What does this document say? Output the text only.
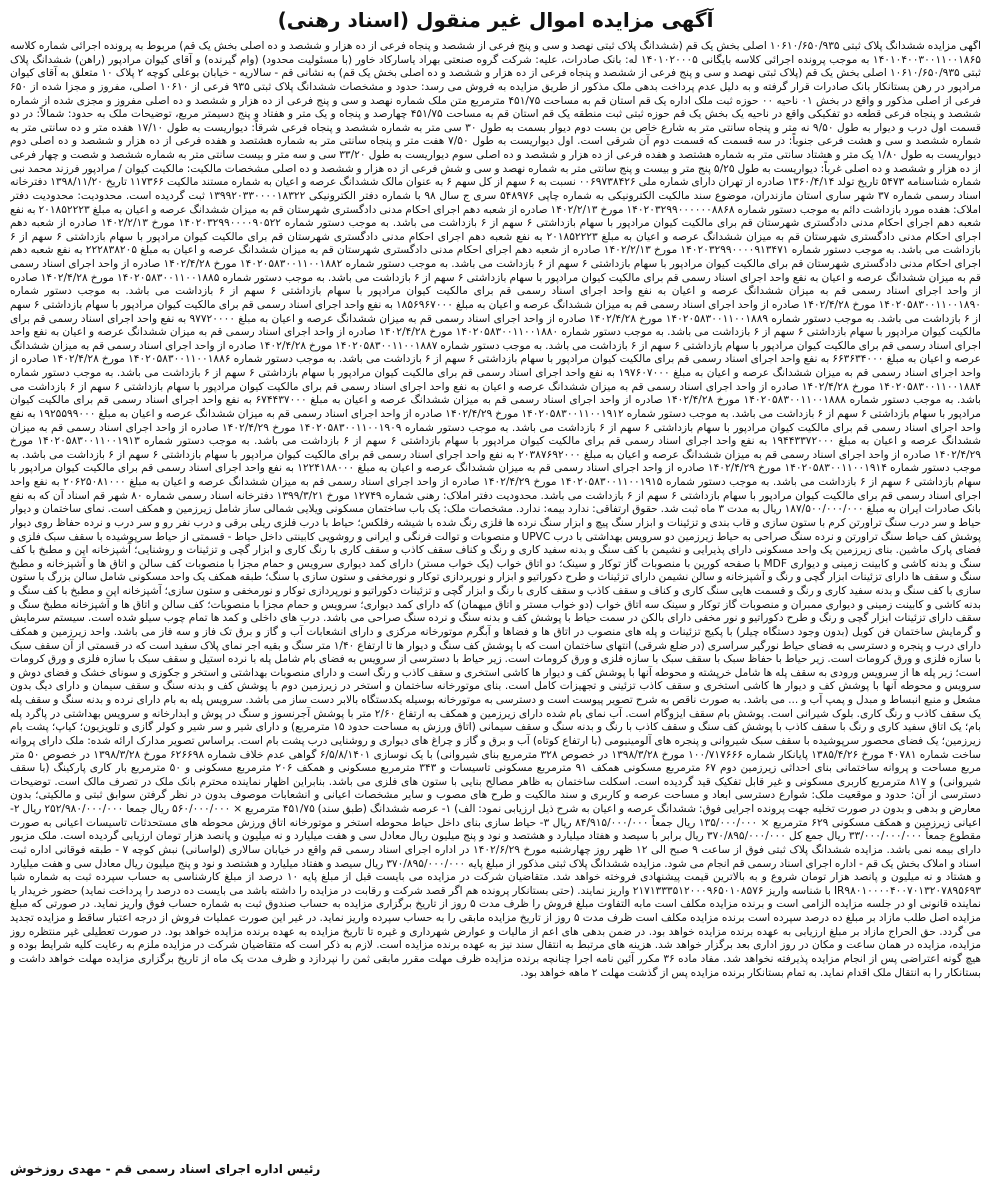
آگهی مزایده اموال غیر منقول (اسناد رهنی)
آگهی مزایده ششدانگ پلاک ثبتی ۱۰۶۱۰/۶۵۰/۹۳۵ اصلی بخش یک قم (ششدانگ پلاک ثبتی نهصد و سی و پنج فرعی از ششصد و پنجاه فرعی از ده هزار و ششصد و ده اصلی بخش یک قم) مربوط به پرونده اجرائی شماره کلاسه ۱۴۰۱۰۴۰۰۳۰۰۱۱۰۰۱۸۶۵ به موجب پرونده اجرائی کلاسه بایگانی ۱۴۰۱۰۲۰۰۰۵ له: بانک صادرات، علیه: شرکت گروه صنعتی بهراد یاسارکاد خاور (با مسئولیت محدود) (وام گیرنده) و آقای کیوان مرادپور (راهن) ششدانگ پلاک ثبتی ۱۰۶۱۰/۶۵۰/۹۳۵ اصلی بخش یک قم (پلاک ثبتی نهصد و سی و پنج فرعی از ششصد و پنجاه فرعی از ده هزار و ششصد و ده اصلی بخش یک قم) به نشانی قم - سالاریه - خیابان بوعلی کوچه ۲ پلاک ۱۰ متعلق به آقای کیوان مرادپور در رهن بستانکار بانک صادرات قرار گرفته و به دلیل عدم پرداخت بدهی ملک مذکور از طریق مزایده به فروش می رسد: حدود و مشخصات ششدانگ پلاک ثبتی ۹۳۵ فرعی از ۱۰۶۱۰ اصلی، مفروز و مجزا شده از ۶۵۰ فرعی از اصلی مذکور و واقع در بخش ۰۱ ناحیه ۰۰ حوزه ثبت ملک اداره یک قم استان قم به مساحت ۴۵۱/۷۵ مترمربع متن ملک شماره نهصد و سی و پنج فرعی از ده هزار و ششصد و ده اصلی مفروز و مجزی شده از شماره ششصد و پنجاه فرعی قطعه دو تفکیکی واقع در ناحیه یک بخش یک قم حوزه ثبتی ثبت منطقه یک قم استان قم به مساحت ۴۵۱/۷۵ چهارصد و پنجاه و یک متر و هفتاد و پنج دسیمتر مربع، توضیحات ملک به حدود: شمالاً: در دو قسمت اول درب و دیوار به طول ۹/۵۰ نه متر و پنجاه سانتی متر به شارع خاص بن بست دوم دیوار بسمت به طول ۳۰ سی متر به شماره ششصد و پنجاه فرعی شرقاً: دیواریست به طول ۱۷/۱۰ هفده متر و ده سانتی متر به شماره ششصد و سی و هشت فرعی جنوباً: در سه قسمت که قسمت دوم آن شرقی است. اول دیواریست به طول ۷/۵۰ هفت متر و پنجاه سانتی متر به شماره هشتصد و هفده فرعی از ده هزار و ششصد و ده اصلی دوم دیواریست به طول ۱/۸۰ یک متر و هشتاد سانتی متر به شماره هشتصد و هفده فرعی از ده هزار و ششصد و ده اصلی سوم دیواریست به طول ۳۳/۲۰ سی و سه متر و بیست سانتی متر به شماره ششصد و شصت و چهار فرعی از ده هزار و ششصد و ده اصلی غرباً: دیواریست به طول ۵/۲۵ پنج متر و بیست و پنج سانتی متر به شماره نهصد و سی و شش فرعی از ده هزار و ششصد و ده اصلی مشخصات مالکیت: مالکیت کیوان / مرادپور فرزند محمد نبی شماره شناسنامه ۵۴۷۳ تاریخ تولد ۱۳۶۰/۴/۱۴ صادره از تهران دارای شماره ملی ۰۰۶۹۷۳۸۴۲۶ نسبت به ۶ سهم از کل سهم ۶ به عنوان مالک ششدانگ عرصه و اعیان به شماره مستند مالکیت ۱۱۷۳۶۶ تاریخ ۱۳۹۸/۱۱/۲۰ دفترخانه اسناد رسمی شماره ۳۷ شهر ساری استان مازندران، موضوع سند مالکیت الکترونیکی به شماره چاپی ۵۴۸۹۷۶ سری ج سال ۹۸ با شماره دفتر الکترونیکی ۱۳۹۹۲۰۳۳۰۰۰۰۱۸۳۲۲ ثبت گردیده است. محدودیت: محدودیت دفتر املاک: هفده مورد بازداشت دائم به موجب دستور شماره ۱۴۰۲۰۳۲۹۹۰۰۰۰۰۰۸۸۶۸ مورخ ۱۴۰۲/۲/۱۳ صادره از شعبه دهم اجرای احکام مدنی دادگستری شهرستان قم به میزان ششدانگ عرصه و اعیان به مبلغ ۲۰۱۸۵۲۲۲۳ به نفع شعبه دهم اجرای احکام مدنی دادگستری شهرستان قم برای مالکیت کیوان مرادپور با سهام بازداشتی ۶ سهم از ۶ بازداشت می باشد. به موجب دستور شماره ۱۴۰۲۰۳۲۹۹۰۰۰۰۹۰۵۲۲ مورخ ۱۴۰۲/۲/۱۳ صادره از شعبه دهم اجرای احکام مدنی دادگستری شهرستان قم به میزان ششدانگ عرصه و اعیان به مبلغ ۲۰۱۸۵۲۲۲۳ به نفع شعبه دهم اجرای احکام مدنی دادگستری شهرستان قم برای مالکیت کیوان مرادپور با سهام بازداشتی ۶ سهم از ۶ بازداشت می باشد. به موجب دستور شماره ۱۴۰۲۰۳۲۹۹۰۰۰۰۹۱۳۴۷۱ مورخ ۱۴۰۲/۲/۱۳ صادره از شعبه دهم اجرای احکام مدنی دادگستری شهرستان قم به میزان ششدانگ عرصه و اعیان به مبلغ ۲۲۲۸۳۸۲۰۵ به نفع شعبه دهم اجرای احکام مدنی دادگستری شهرستان قم برای مالکیت کیوان مرادپور با سهام بازداشتی ۶ سهم از ۶ بازداشت می باشد. به موجب دستور شماره ۱۴۰۲۰۵۸۳۰۰۱۱۰۰۱۸۸۲ مورخ ۱۴۰۲/۴/۲۸ صادره از واحد اجرای اسناد رسمی قم به میزان ششدانگ عرصه و اعیان به نفع واحد اجرای اسناد رسمی قم برای مالکیت کیوان مرادپور با سهام بازداشتی ۶ سهم از ۶ بازداشت می باشد. به موجب دستور شماره ۱۴۰۲۰۵۸۳۰۰۱۱۰۰۱۸۸۵ مورخ ۱۴۰۲/۴/۲۸ صادره از واحد اجرای اسناد رسمی قم به میزان ششدانگ عرصه و اعیان به نفع واحد اجرای اسناد رسمی قم برای مالکیت کیوان مرادپور با سهام بازداشتی ۶ سهم از ۶ بازداشت می باشد. به موجب دستور شماره ۱۴۰۲۰۵۸۳۰۰۱۱۰۰۱۸۹۰ مورخ ۱۴۰۲/۴/۲۸ صادره از واحد اجرای اسناد رسمی قم به میزان ششدانگ عرصه و اعیان به مبلغ ۱۸۵۶۹۶۷۰۰۰ به نفع واحد اجرای اسناد رسمی قم برای مالکیت کیوان مرادپور با سهام بازداشتی ۶ سهم از ۶ بازداشت می باشد. به موجب دستور شماره ۱۴۰۲۰۵۸۳۰۰۱۱۰۰۱۸۸۹ مورخ ۱۴۰۲/۴/۲۸ صادره از واحد اجرای اسناد رسمی قم به میزان ششدانگ عرصه و اعیان به مبلغ ۹۷۷۲۰۰۰۰ به نفع واحد اجرای اسناد رسمی قم برای مالکیت کیوان مرادپور با سهام بازداشتی ۶ سهم از ۶ بازداشت می باشد. به موجب دستور شماره ۱۴۰۲۰۵۸۳۰۰۱۱۰۰۱۸۸۰ مورخ ۱۴۰۲/۴/۲۸ صادره از واحد اجرای اسناد رسمی قم به میزان ششدانگ عرصه و اعیان به نفع واحد اجرای اسناد رسمی قم برای مالکیت کیوان مرادپور با سهام بازداشتی ۶ سهم از ۶ بازداشت می باشد. به موجب دستور شماره ۱۴۰۲۰۵۸۳۰۰۱۱۰۰۱۸۸۷ مورخ ۱۴۰۲/۴/۲۸ صادره از واحد اجرای اسناد رسمی قم به میزان ششدانگ عرصه و اعیان به مبلغ ۶۶۳۶۳۴۰۰۰ به نفع واحد اجرای اسناد رسمی قم برای مالکیت کیوان مرادپور با سهام بازداشتی ۶ سهم از ۶ بازداشت می باشد. به موجب دستور شماره ۱۴۰۲۰۵۸۳۰۰۱۱۰۰۱۸۸۶ مورخ ۱۴۰۲/۴/۲۸ صادره از واحد اجرای اسناد رسمی قم به میزان ششدانگ عرصه و اعیان به مبلغ ۱۹۷۶۰۷۰۰۰ به نفع واحد اجرای اسناد رسمی قم برای مالکیت کیوان مرادپور با سهام بازداشتی ۶ سهم از ۶ بازداشت می باشد. به موجب دستور شماره ۱۴۰۲۰۵۸۳۰۰۱۱۰۰۱۸۸۴ مورخ ۱۴۰۲/۴/۲۸ صادره از واحد اجرای اسناد رسمی قم به میزان ششدانگ عرصه و اعیان به نفع واحد اجرای اسناد رسمی قم برای مالکیت کیوان مرادپور با سهام بازداشتی ۶ سهم از ۶ بازداشت می باشد. به موجب دستور شماره ۱۴۰۲۰۵۸۳۰۰۱۱۰۰۱۸۸۸ مورخ ۱۴۰۲/۴/۲۸ صادره از واحد اجرای اسناد رسمی قم به میزان ششدانگ عرصه و اعیان به مبلغ ۶۷۴۴۳۷۰۰۰ به نفع واحد اجرای اسناد رسمی قم برای مالکیت کیوان مرادپور با سهام بازداشتی ۶ سهم از ۶ بازداشت می باشد. به موجب دستور شماره ۱۴۰۲۰۵۸۳۰۰۱۱۰۰۱۹۱۲ مورخ ۱۴۰۲/۴/۲۹ صادره از واحد اجرای اسناد رسمی قم به میزان ششدانگ عرصه و اعیان به مبلغ ۱۹۲۵۵۹۹۰۰۰ به نفع واحد اجرای اسناد رسمی قم برای مالکیت کیوان مرادپور با سهام بازداشتی ۶ سهم از ۶ بازداشت می باشد. به موجب دستور شماره ۱۴۰۲۰۵۸۳۰۰۱۱۰۰۱۹۰۹ مورخ ۱۴۰۲/۴/۲۹ صادره از واحد اجرای اسناد رسمی قم به میزان ششدانگ عرصه و اعیان به مبلغ ۱۹۴۴۳۳۷۲۰۰۰ به نفع واحد اجرای اسناد رسمی قم برای مالکیت کیوان مرادپور با سهام بازداشتی ۶ سهم از ۶ بازداشت می باشد. به موجب دستور شماره ۱۴۰۲۰۵۸۳۰۰۱۱۰۰۱۹۱۳ مورخ ۱۴۰۲/۴/۲۹ صادره از واحد اجرای اسناد رسمی قم به میزان ششدانگ عرصه و اعیان به مبلغ ۲۰۳۸۷۶۹۲۰۰۰ به نفع واحد اجرای اسناد رسمی قم برای مالکیت کیوان مرادپور با سهام بازداشتی ۶ سهم از ۶ بازداشت می باشد. به موجب دستور شماره ۱۴۰۲۰۵۸۳۰۰۱۱۰۰۱۹۱۴ مورخ ۱۴۰۲/۴/۲۹ صادره از واحد اجرای اسناد رسمی قم به میزان ششدانگ عرصه و اعیان به مبلغ ۱۲۲۴۱۸۸۰۰۰ به نفع واحد اجرای اسناد رسمی قم برای مالکیت کیوان مرادپور با سهام بازداشتی ۶ سهم از ۶ بازداشت می باشد. به موجب دستور شماره ۱۴۰۲۰۵۸۳۰۰۱۱۰۰۱۹۱۵ مورخ ۱۴۰۲/۴/۲۹ صادره از واحد اجرای اسناد رسمی قم به میزان ششدانگ عرصه و اعیان به مبلغ ۲۰۶۲۵۰۸۱۰۰۰ به نفع واحد اجرای اسناد رسمی قم برای مالکیت کیوان مرادپور با سهام بازداشتی ۶ سهم از ۶ بازداشت می باشد. محدودیت دفتر املاک: رهنی شماره ۱۲۷۴۹ مورخ ۱۳۹۹/۳/۲۱ دفترخانه اسناد رسمی شماره ۸۰ شهر قم اسناد آن که به نفع بانک صادرات ایران به مبلغ ۱۸۷/۵۰۰/۰۰۰/۰۰۰ ریال به مدت ۳ ماه ثبت شد. حقوق ارتفاقی: ندارد بیمه: ندارد. مشخصات ملک: یک باب ساختمان مسکونی ویلایی شمالی ساز شامل زیرزمین و همکف است. نمای ساختمان و دیوار حیاط و سر درب سنگ تراورتن کرم با ستون سازی و قاب بندی و تزئینات و ابزار سنگ پیچ و ابزار سنگ نرده ها فلزی رنگ شده با شیشه رفلکس؛ حیاط با درب فلزی ریلی برقی و درب نفر رو و سر درب و نرده حفاظ روی دیوار پوشش کف حیاط سنگ تراورتن و نرده سنگ صراحی به حیاط زیرزمین دو سرویس بهداشتی با درب UPVC و منصوبات و توالت فرنگی و ایرانی و روشویی کابینتی داخل حیاط - قسمتی از حیاط سرپوشیده با سقف سبک فلزی و فضای پارک ماشین. بنای زیرزمین یک واحد مسکونی دارای پذیرایی و نشیمن با کف سنگ و بدنه سفید کاری و رنگ و کناف سقف کاذب و سقف کاری با رنگ کاری و ابزار گچی و تزئینات و روشنایی؛ آشپزخانه اپن و مطبخ با کف سنگ و بدنه کاشی و کابینت زمینی و دیواری MDF با صفحه کورین با منصوبات گاز توکار و سینک؛ دو اتاق خواب (یک خواب مستر) دارای کمد دیواری سرویس و حمام مجزا با منصوبات کف سالن و اتاق ها و آشپزخانه و مطبخ سنگ و سقف ها دارای تزئینات ابزار گچی و رنگ و آشپزخانه و سالن نشیمن دارای تزئینات و طرح دکوراتیو و ابزار و نورپردازی توکار و نورمخفی و ستون سازی با سنگ؛ طبقه همکف یک واحد مسکونی شامل سالن بزرگ با ستون سازی با کف سنگ و بدنه سفید کاری و رنگ و قسمت هایی سنگ کاری و کناف و سقف کاذب و سقف کاری با رنگ و ابزار گچی و تزئینات دکوراتیو و نورپردازی توکار و نورمخفی و ستون سازی؛ آشپزخانه اپن و مطبخ با کف سنگ و بدنه کاشی و کابینت زمینی و دیواری ممبران و منصوبات گاز توکار و سینک سه اتاق خواب (دو خواب مستر و اتاق میهمان) که دارای کمد دیواری؛ سرویس و حمام مجزا با منصوبات؛ کف سالن و اتاق ها و آشپزخانه مطبخ سنگ و سقف دارای تزئینات ابزار گچی و رنگ و طرح دکوراتیو و نور مخفی دارای بالکن در سمت حیاط با پوشش کف و بدنه سنگ و نرده سنگ صراحی می باشد. درب های داخلی و کمد ها تمام چوب سیلو شده است. سیستم سرمایش و گرمایش ساختمان فن کویل (بدون وجود دستگاه چیلر) با پکیج تزئینات و پله های منصوب در اتاق ها و فضاها و آبگرم موتورخانه مرکزی و دارای انشعابات آب و گاز و برق تک فاز و سه فاز می باشد. واحد زیرزمین و همکف دارای درب و پنجره و دسترسی به فضای حیاط نورگیر سراسری (در ضلع شرقی) انتهای ساختمان است که با پوشش کف سنگ و دیوار ها تا ارتفاع ۱/۴۰ متر سنگ و بقیه اجر نمای پلاک سفید است که در قسمتی از آن سقف سبک با سازه فلزی و ورق کرومات است. زیر حیاط با حفاظ سبک با سقف سبک با سازه فلزی و ورق کرومات است. زیر حیاط با دسترسی از سرویس به فضای بام شامل پله با نرده استیل و سقف سبک با سازه فلزی و ورق کرومات است؛ زیر پله ها از سرویس ورودی به سقف پله ها شامل خرپشته و محوطه آنها با پوشش کف و دیوار ها کاشی استخری و سقف کاذب و رنگ است و دارای منصوبات بهداشتی و استخر و جکوزی و سونای خشک و فضای دوش و سرویس و محوطه آنها با پوشش کف و دیوار ها کاشی استخری و سقف کاذب تزئینی و تجهیزات کامل است. بنای موتورخانه ساختمان و استخر در زیرزمین دوم با پوشش کف و بدنه سنگ و سقف سیمان و دارای دیگ بدون مشعل و منبع انبساط و مبدل و پمپ آب و ... می باشد. به صورت ناقص به شرح تصویر پیوست است و دسترسی به موتورخانه بوسیله یکدستگاه بالابر دست ساز می باشد. سرویس پله به بام دارای نرده و بدنه سنگ و سقف پله یک سقف کاذب و رنگ کاری. بلوک شیرانی است. پوشش بام سقف ایزوگام است. آب نمای بام شده دارای زیرزمین و همکف به ارتفاع ۲/۶۰ متر با پوشش آجرنسوز و سنگ در پوش و ابدارخانه و سرویس بهداشتی در پاگرد پله بام؛ یک اتاق سفید کاری و رنگ با سقف کاذب با پوشش کف سنگ و سقف کاذب با رنگ و بدنه سنگ و سقف سیمانی (اتاق ورزش به مساحت حدود ۱۵ مترمربع) و دارای شیر و سر شیر و کولر گازی و تلویزیون؛ کیاپ؛ پشت بام زیرزمین؛ یک فضای محصور سرپوشیده با سقف سبک شیروانی و پنجره های آلومینیومی (با ارتفاع کوتاه) آب و برق و گاز و چراغ های دیواری و روشنایی درب پشت بام است. براساس تصویر مدارک ارائه شده: ملک دارای پروانه ساخت شماره ۴۰۷۸۱ مورخ ۱۳۸۵/۴/۲۶ پایانکار شماره ۱۰۰/۷۱۷۶۶۶ مورخ ۱۳۹۸/۳/۲۸ در خصوص ۳۲۸ مترمربع بنای شیروانی) با یک نوسازی ۶/۵/۸/۱۴۰۱ گواهی عدم خلاف شماره ۶۲۶۶۹۸ مورخ ۱۳۹۸/۳/۲۸ در خصوص ۵۰ متر مربع مساحت و پروانه ساختمانی بنای احداثی زیرزمین دوم ۶۷ مترمربع مسکونی همکف ۹۱ مترمربع مسکونی تاسیسات و ۳۴۳ مترمربع مسکونی و همکف ۲۰۶ مترمربع مسکونی و ۵۰ مترمربع بار کاری پارکینگ (با سقف شیروانی) و ۸۱۷ مترمربع کاربری مسکونی و غیر قابل تفکیک قید گردیده است. اسکلت ساختمان به ظاهر مصالح بنایی با ستون های فلزی می باشد. بنابراین اظهار نماینده محترم بانک ملک در تصرف مالک است. توضیحات دسترسی از آن: حدود و موقعیت ملک: شوارع دسترسی ابعاد و مساحت عرصه و کاربری و سند مالکیت و طرح های مصوب و سایر مشخصات اعیانی و انشعابات موصوف بدون در نظر گرفتن سوابق ثبتی و مالکیتی؛ بدون معارض و بدهی و بدون در صورت تخلیه جهت پرونده اجرایی فوق: ششدانگ عرصه و اعیان به شرح ذیل ارزیابی نمود: الف) ۱- عرصه ششدانگ (طبق سند) ۴۵۱/۷۵ مترمربع × ۵۶۰/۰۰۰/۰۰۰ ریال جمعا ۲۵۲/۹۸۰/۰۰۰/۰۰۰ ریال ۲- اعیانی زیرزمین و همکف مسکونی ۶۲۹ مترمربع × ۱۳۵/۰۰۰/۰۰۰ ریال جمعاً ۸۴/۹۱۵/۰۰۰/۰۰۰ ریال ۳- حیاط سازی بنای داخل حیاط محوطه استخر و موتورخانه اتاق ورزش محوطه های مستحدثات تاسیسات اعیانی به صورت مقطوع جمعاً ۳۳/۰۰۰/۰۰۰/۰۰۰ ریال جمع کل ۳۷۰/۸۹۵/۰۰۰/۰۰۰ ریال برابر با سیصد و هفتاد میلیارد و هشتصد و نود و پنج میلیون ریال معادل سی و هفت میلیارد و نه میلیون و پانصد هزار تومان ارزیابی گردیده است. ملک مزبور دارای بیمه نمی باشد. مزایده ششدانگ پلاک ثبتی فوق از ساعت ۹ صبح الی ۱۲ ظهر روز چهارشنبه مورخ ۱۴۰۲/۶/۲۹ در اداره اجرای اسناد رسمی قم واقع در خیابان سالاری (لواسانی) نبش کوچه ۷ - طبقه فوقانی اداره ثبت اسناد و املاک بخش یک قم - اداره اجرای اسناد رسمی قم انجام می شود. مزایده ششدانگ پلاک ثبتی مذکور از مبلغ پایه ۳۷۰/۸۹۵/۰۰۰/۰۰۰ ریال سیصد و هفتاد میلیارد و هشتصد و نود و پنج میلیون ریال معادل سی و هفت میلیارد و هشتاد و نه میلیون و پانصد هزار تومان شروع و به بالاترین قیمت پیشنهادی فروخته خواهد شد. متقاضیان شرکت در مزایده می بایست قبل از مبلغ پایه ۱۰ درصد از مبلغ کارشناسی به حساب سپرده ثبت به شماره شبا IR۹۸۰۱۰۰۰۰۴۰۰۷۰۱۳۲۰۷۸۹۵۶۹۳ با شناسه واریز ۲۱۷۱۳۳۳۵۱۲۰۰۰۹۶۵۰۱۰۸۵۷۶ واریز نمایند. (حتی بستانکار پرونده هم اگر قصد شرکت و رقابت در مزایده را داشته باشد می بایست ده درصد را پرداخت نماید) حضور خریدار یا نماینده قانونی او در جلسه مزایده الزامی است و برنده مزایده مکلف است مابه التفاوت مبلغ فروش را ظرف مدت ۵ روز از تاریخ برگزاری مزایده به حساب صندوق ثبت به شماره حساب فوق واریز نماید. در صورتی که مبلغ مزایده اصل طلب مازاد بر مبلغ ده درصد سپرده است برنده مزایده مکلف است ظرف مدت ۵ روز از تاریخ مزایده مابقی را به حساب سپرده واریز نماید. در غیر این صورت عملیات فروش از درجه اعتبار ساقط و مزایده تجدید می گردد. حق الحراج مازاد بر مبلغ ارزیابی به عهده برنده مزایده خواهد بود. در ضمن بدهی های اعم از مالیات و عوارض شهرداری و غیره تا تاریخ مزایده به عهده برنده مزایده خواهد بود. در صورت تعطیلی غیر منتظره روز مزایده، مزایده در همان ساعت و مکان در روز اداری بعد برگزار خواهد شد. هزینه های مرتبط به انتقال سند نیز به عهده برنده مزایده است. لازم به ذکر است که متقاضیان شرکت در مزایده ملزم به رعایت کلیه شرایط بوده و هیچ گونه اعتراضی پس از انجام مزایده پذیرفته نخواهد شد. مفاد ماده ۳۶ مکرر آئین نامه اجرا چنانچه برنده مزایده ظرف مهلت مقرر مابقی ثمن را نپردازد و ظرف مدت یک ماه از تاریخ برگزاری مزایده مهلت خواهد داشت و بستانکار را به انتقال ملک اقدام نماید. به تمام بستانکار برنده مزایده پس از گذشت مهلت ۲ ماهه خواهد بود.
رئیس اداره اجرای اسناد رسمی قم - مهدی روزخوش
